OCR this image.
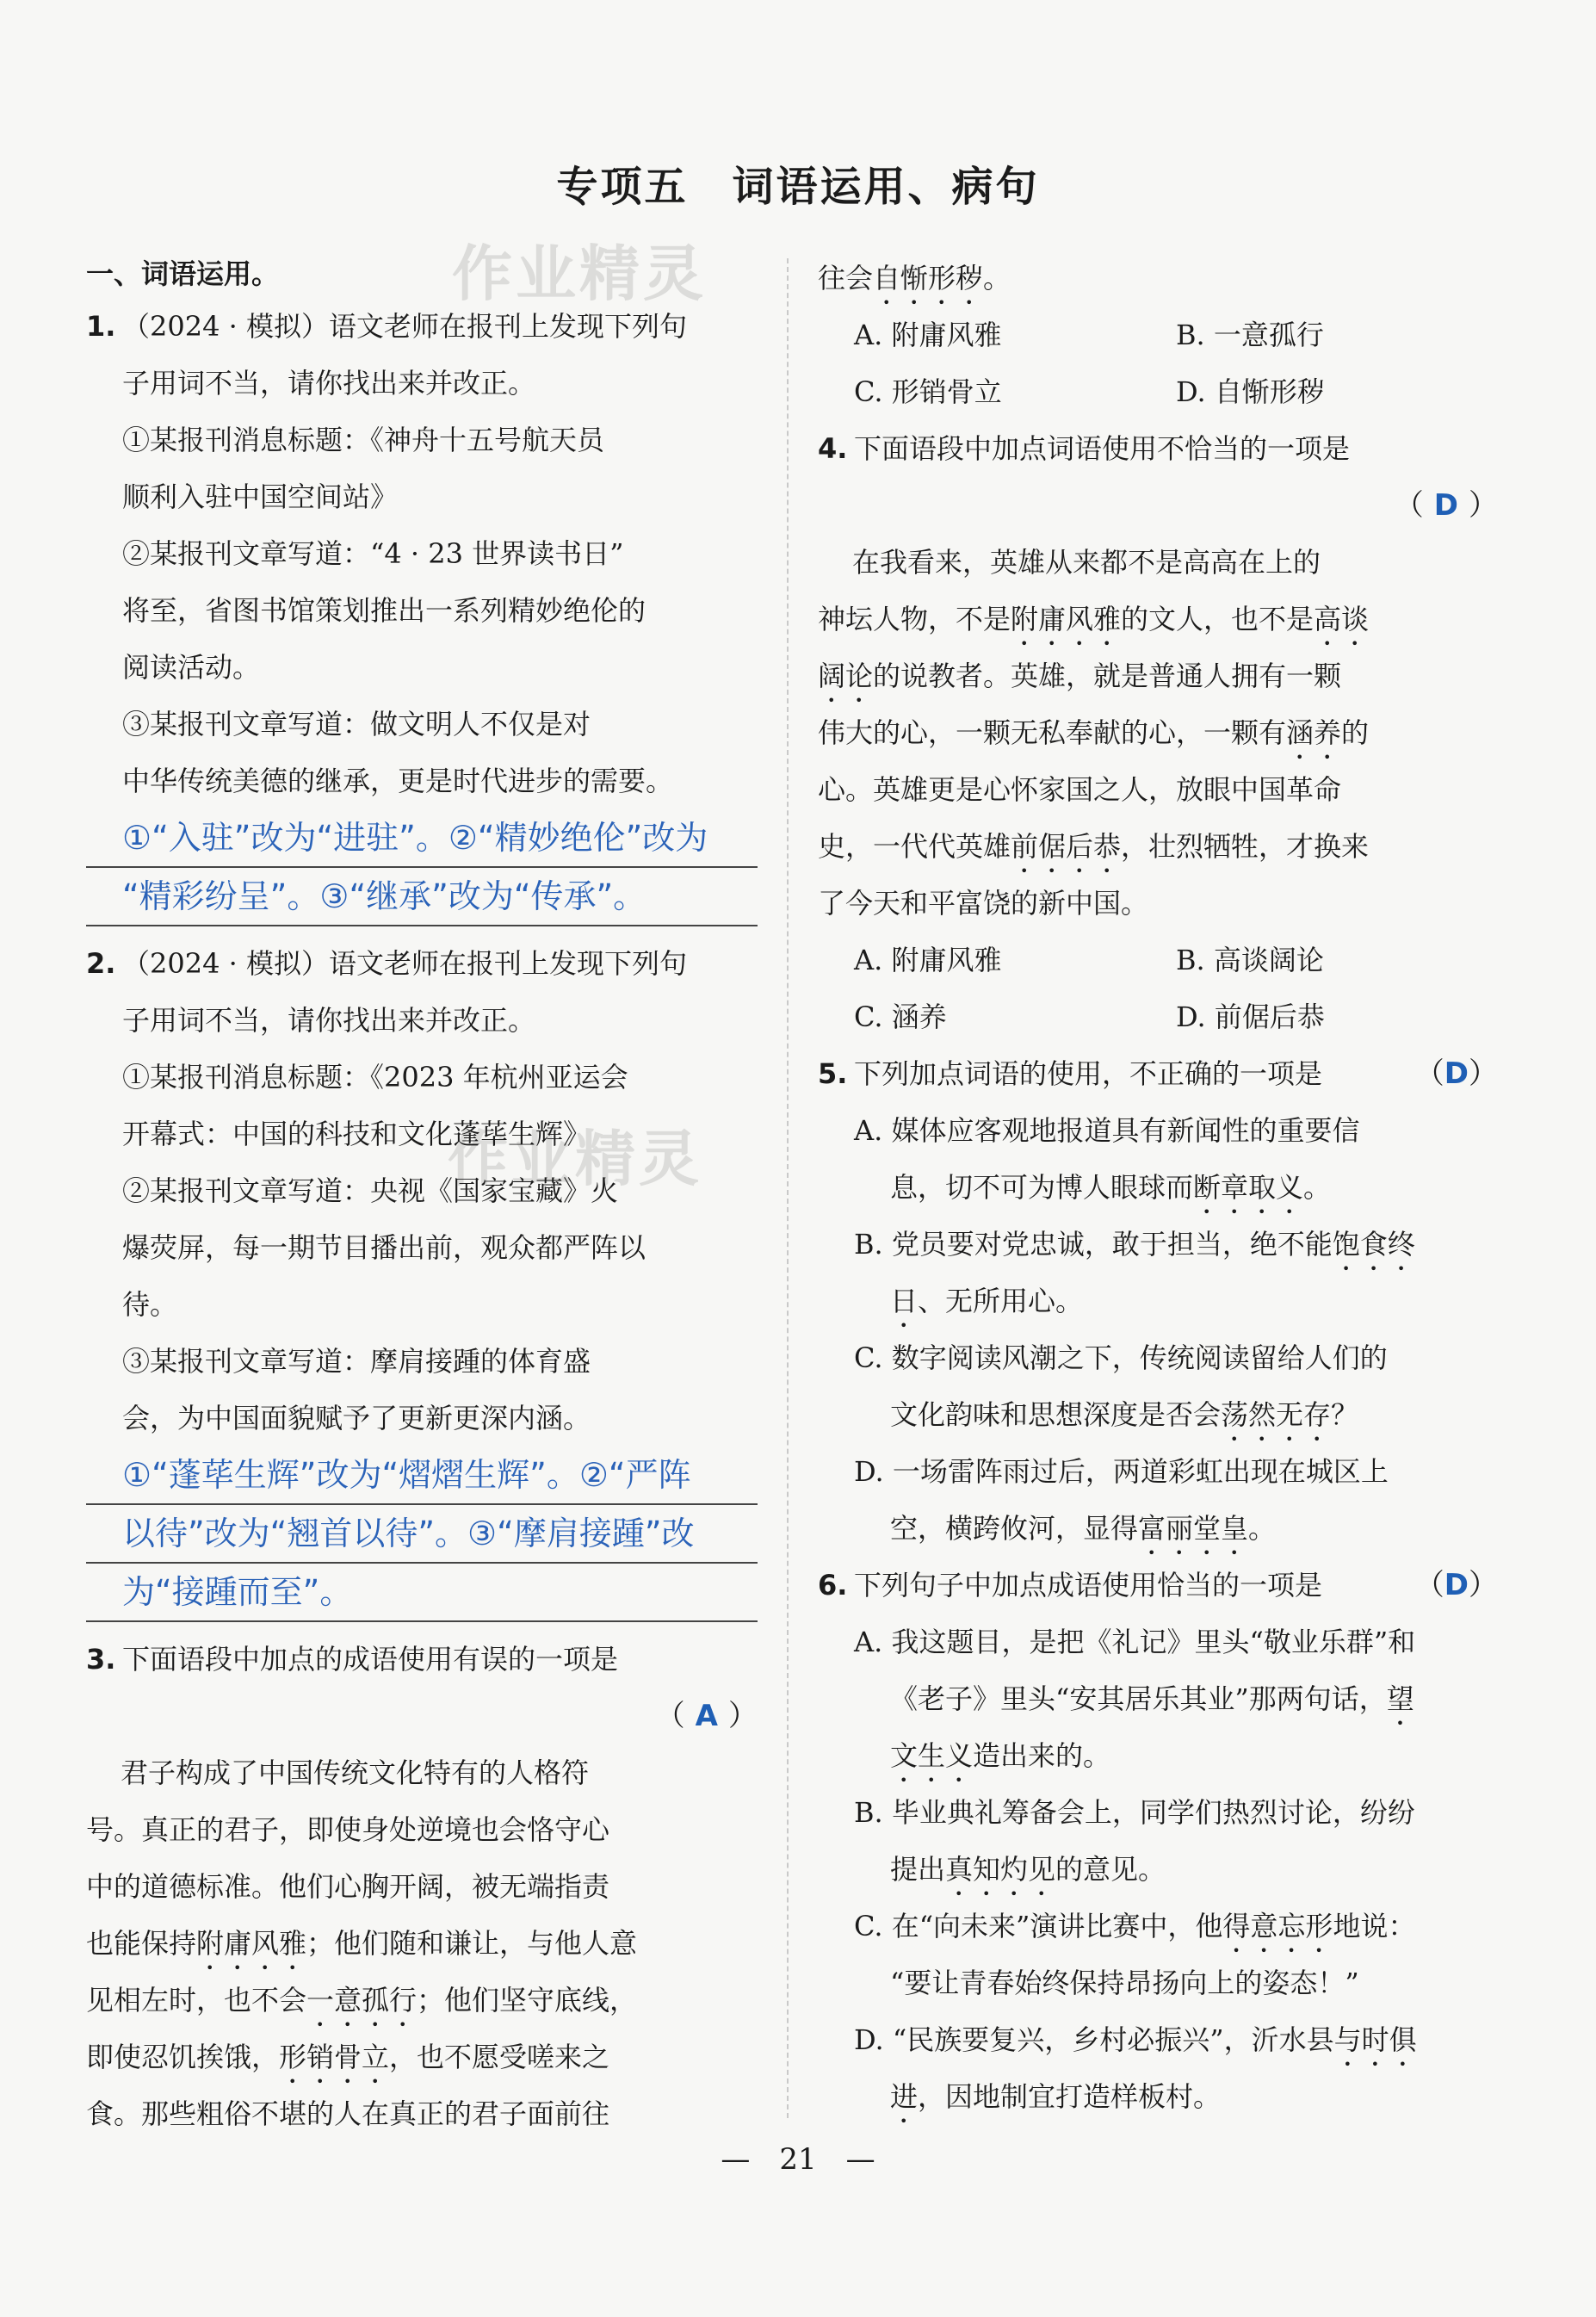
作业精灵
作业精灵
专项五　词语运用、病句
一、词语运用。
1. （2024 · 模拟）语文老师在报刊上发现下列句
子用词不当，请你找出来并改正。
①某报刊消息标题：《神舟十五号航天员
顺利入驻中国空间站》
②某报刊文章写道：“4 · 23 世界读书日”
将至，省图书馆策划推出一系列精妙绝伦的
阅读活动。
③某报刊文章写道：做文明人不仅是对
中华传统美德的继承，更是时代进步的需要。
①“入驻”改为“进驻”。②“精妙绝伦”改为
“精彩纷呈”。③“继承”改为“传承”。
2. （2024 · 模拟）语文老师在报刊上发现下列句
子用词不当，请你找出来并改正。
①某报刊消息标题：《2023 年杭州亚运会
开幕式：中国的科技和文化蓬荜生辉》
②某报刊文章写道：央视《国家宝藏》火
爆荧屏，每一期节目播出前，观众都严阵以
待。
③某报刊文章写道：摩肩接踵的体育盛
会，为中国面貌赋予了更新更深内涵。
①“蓬荜生辉”改为“熠熠生辉”。②“严阵
以待”改为“翘首以待”。③“摩肩接踵”改
为“接踵而至”。
3. 下面语段中加点的成语使用有误的一项是
（ A ）
君子构成了中国传统文化特有的人格符
号。真正的君子，即使身处逆境也会恪守心
中的道德标准。他们心胸开阔，被无端指责
也能保持附庸风雅；他们随和谦让，与他人意
见相左时，也不会一意孤行；他们坚守底线，
即使忍饥挨饿，形销骨立，也不愿受嗟来之
食。那些粗俗不堪的人在真正的君子面前往
往会自惭形秽。
A. 附庸风雅	B. 一意孤行
C. 形销骨立	D. 自惭形秽
4. 下面语段中加点词语使用不恰当的一项是
（ D ）
在我看来，英雄从来都不是高高在上的
神坛人物，不是附庸风雅的文人，也不是高谈
阔论的说教者。英雄，就是普通人拥有一颗
伟大的心，一颗无私奉献的心，一颗有涵养的
心。英雄更是心怀家国之人，放眼中国革命
史，一代代英雄前倨后恭，壮烈牺牲，才换来
了今天和平富饶的新中国。
A. 附庸风雅	B. 高谈阔论
C. 涵养	D. 前倨后恭
5. 下列加点词语的使用，不正确的一项是	（D）
A. 媒体应客观地报道具有新闻性的重要信
息，切不可为博人眼球而断章取义。
B. 党员要对党忠诚，敢于担当，绝不能饱食终
日、无所用心。
C. 数字阅读风潮之下，传统阅读留给人们的
文化韵味和思想深度是否会荡然无存？
D. 一场雷阵雨过后，两道彩虹出现在城区上
空，横跨攸河，显得富丽堂皇。
6. 下列句子中加点成语使用恰当的一项是	（D）
A. 我这题目，是把《礼记》里头“敬业乐群”和
《老子》里头“安其居乐其业”那两句话，望
文生义造出来的。
B. 毕业典礼筹备会上，同学们热烈讨论，纷纷
提出真知灼见的意见。
C. 在“向未来”演讲比赛中，他得意忘形地说：
“要让青春始终保持昂扬向上的姿态！”
D. “民族要复兴，乡村必振兴”，沂水县与时俱
进，因地制宜打造样板村。
—　21　—
